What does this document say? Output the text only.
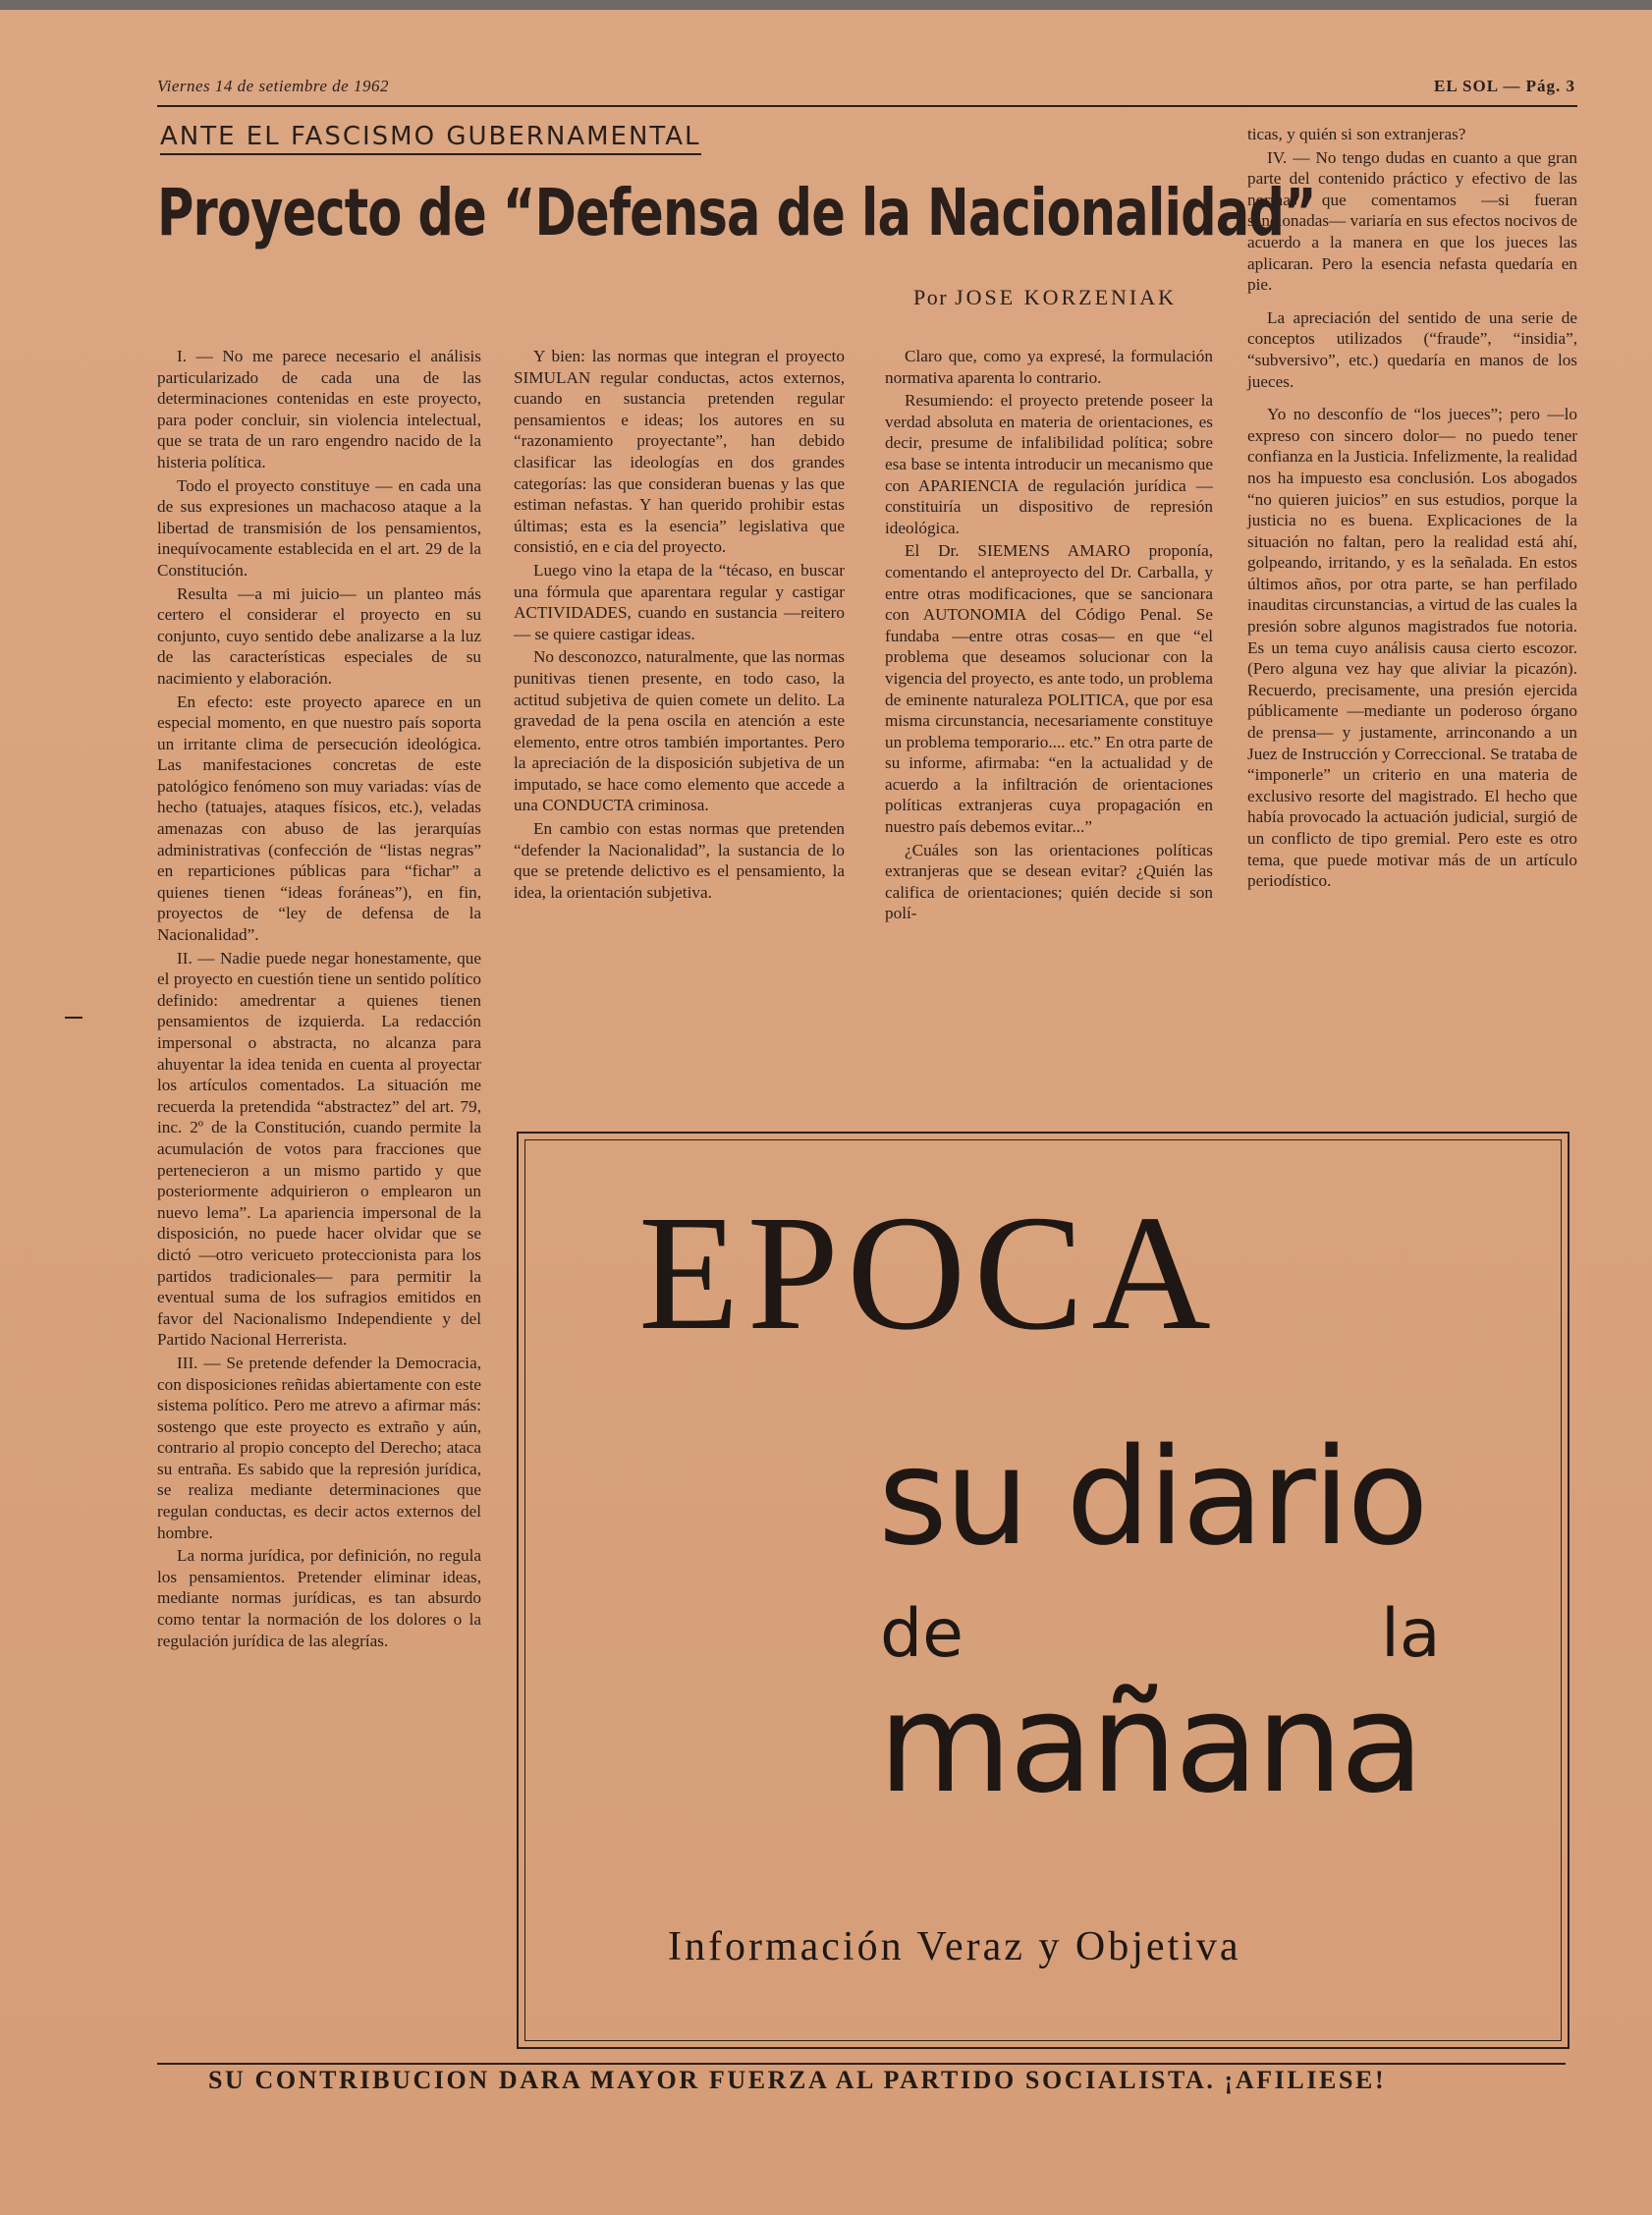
Viernes 14 de setiembre de 1962	EL SOL — Pág. 3
ANTE EL FASCISMO GUBERNAMENTAL
Proyecto de “Defensa de la Nacionalidad”
Por JOSE KORZENIAK

I. — No me parece necesario el análisis particularizado de cada una de las determinaciones contenidas en este proyecto, para poder concluir, sin violencia intelectual, que se trata de un raro engendro nacido de la histeria política.

Todo el proyecto constituye — en cada una de sus expresiones un machacoso ataque a la libertad de transmisión de los pensamientos, inequívocamente establecida en el art. 29 de la Constitución.

Resulta —a mi juicio— un planteo más certero el considerar el proyecto en su conjunto, cuyo sentido debe analizarse a la luz de las características especiales de su nacimiento y elaboración.

En efecto: este proyecto aparece en un especial momento, en que nuestro país soporta un irritante clima de persecución ideológica. Las manifestaciones concretas de este patológico fenómeno son muy variadas: vías de hecho (tatuajes, ataques físicos, etc.), veladas amenazas con abuso de las jerarquías administrativas (confección de “listas negras” en reparticiones públicas para “fichar” a quienes tienen “ideas foráneas”), en fin, proyectos de “ley de defensa de la Nacionalidad”.

II. — Nadie puede negar honestamente, que el proyecto en cuestión tiene un sentido político definido: amedrentar a quienes tienen pensamientos de izquierda. La redacción impersonal o abstracta, no alcanza para ahuyentar la idea tenida en cuenta al proyectar los artículos comentados. La situación me recuerda la pretendida “abstractez” del art. 79, inc. 2º de la Constitución, cuando permite la acumulación de votos para fracciones que pertenecieron a un mismo partido y que posteriormente adquirieron o emplearon un nuevo lema”. La apariencia impersonal de la disposición, no puede hacer olvidar que se dictó —otro vericueto proteccionista para los partidos tradicionales— para permitir la eventual suma de los sufragios emitidos en favor del Nacionalismo Independiente y del Partido Nacional Herrerista.

III. — Se pretende defender la Democracia, con disposiciones reñidas abiertamente con este sistema político. Pero me atrevo a afirmar más: sostengo que este proyecto es extraño y aún, contrario al propio concepto del Derecho; ataca su entraña. Es sabido que la represión jurídica, se realiza mediante determinaciones que regulan conductas, es decir actos externos del hombre.

La norma jurídica, por definición, no regula los pensamientos. Pretender eliminar ideas, mediante normas jurídicas, es tan absurdo como tentar la normación de los dolores o la regulación jurídica de las alegrías.

Y bien: las normas que integran el proyecto SIMULAN regular conductas, actos externos, cuando en sustancia pretenden regular pensamientos e ideas; los autores en su “razonamiento proyectante”, han debido clasificar las ideologías en dos grandes categorías: las que consideran buenas y las que estiman nefastas. Y han querido prohibir estas últimas; esta es la esencia” legislativa que consistió, en e cia del proyecto.

Luego vino la etapa de la “técaso, en buscar una fórmula que aparentara regular y castigar ACTIVIDADES, cuando en sustancia —reitero— se quiere castigar ideas.

No desconozco, naturalmente, que las normas punitivas tienen presente, en todo caso, la actitud subjetiva de quien comete un delito. La gravedad de la pena oscila en atención a este elemento, entre otros también importantes. Pero la apreciación de la disposición subjetiva de un imputado, se hace como elemento que accede a una CONDUCTA criminosa.

En cambio con estas normas que pretenden “defender la Nacionalidad”, la sustancia de lo que se pretende delictivo es el pensamiento, la idea, la orientación subjetiva.

Claro que, como ya expresé, la formulación normativa aparenta lo contrario.

Resumiendo: el proyecto pretende poseer la verdad absoluta en materia de orientaciones, es decir, presume de infalibilidad política; sobre esa base se intenta introducir un mecanismo que con APARIENCIA de regulación jurídica —constituiría un dispositivo de represión ideológica.

El Dr. SIEMENS AMARO proponía, comentando el anteproyecto del Dr. Carballa, y entre otras modificaciones, que se sancionara con AUTONOMIA del Código Penal. Se fundaba —entre otras cosas— en que “el problema que deseamos solucionar con la vigencia del proyecto, es ante todo, un problema de eminente naturaleza POLITICA, que por esa misma circunstancia, necesariamente constituye un problema temporario.... etc.” En otra parte de su informe, afirmaba: “en la actualidad y de acuerdo a la infiltración de orientaciones políticas extranjeras cuya propagación en nuestro país debemos evitar...”

¿Cuáles son las orientaciones políticas extranjeras que se desean evitar? ¿Quién las califica de orientaciones; quién decide si son polí-

ticas, y quién si son extranjeras?

IV. — No tengo dudas en cuanto a que gran parte del contenido práctico y efectivo de las normas que comentamos —si fueran sancionadas— variaría en sus efectos nocivos de acuerdo a la manera en que los jueces las aplicaran. Pero la esencia nefasta quedaría en pie.

La apreciación del sentido de una serie de conceptos utilizados (“fraude”, “insidia”, “subversivo”, etc.) quedaría en manos de los jueces.

Yo no desconfío de “los jueces”; pero —lo expreso con sincero dolor— no puedo tener confianza en la Justicia. Infelizmente, la realidad nos ha impuesto esa conclusión. Los abogados “no quieren juicios” en sus estudios, porque la justicia no es buena. Explicaciones de la situación no faltan, pero la realidad está ahí, golpeando, irritando, y es la señalada. En estos últimos años, por otra parte, se han perfilado inauditas circunstancias, a virtud de las cuales la presión sobre algunos magistrados fue notoria. Es un tema cuyo análisis causa cierto escozor. (Pero alguna vez hay que aliviar la picazón). Recuerdo, precisamente, una presión ejercida públicamente —mediante un poderoso órgano de prensa— y justamente, arrinconando a un Juez de Instrucción y Correccional. Se trataba de “imponerle” un criterio en una materia de exclusivo resorte del magistrado. El hecho que había provocado la actuación judicial, surgió de un conflicto de tipo gremial. Pero este es otro tema, que puede motivar más de un artículo periodístico.

EPOCA
su diario
de	la
mañana
Información Veraz y Objetiva
SU CONTRIBUCION DARA MAYOR FUERZA AL PARTIDO SOCIALISTA. ¡AFILIESE!
